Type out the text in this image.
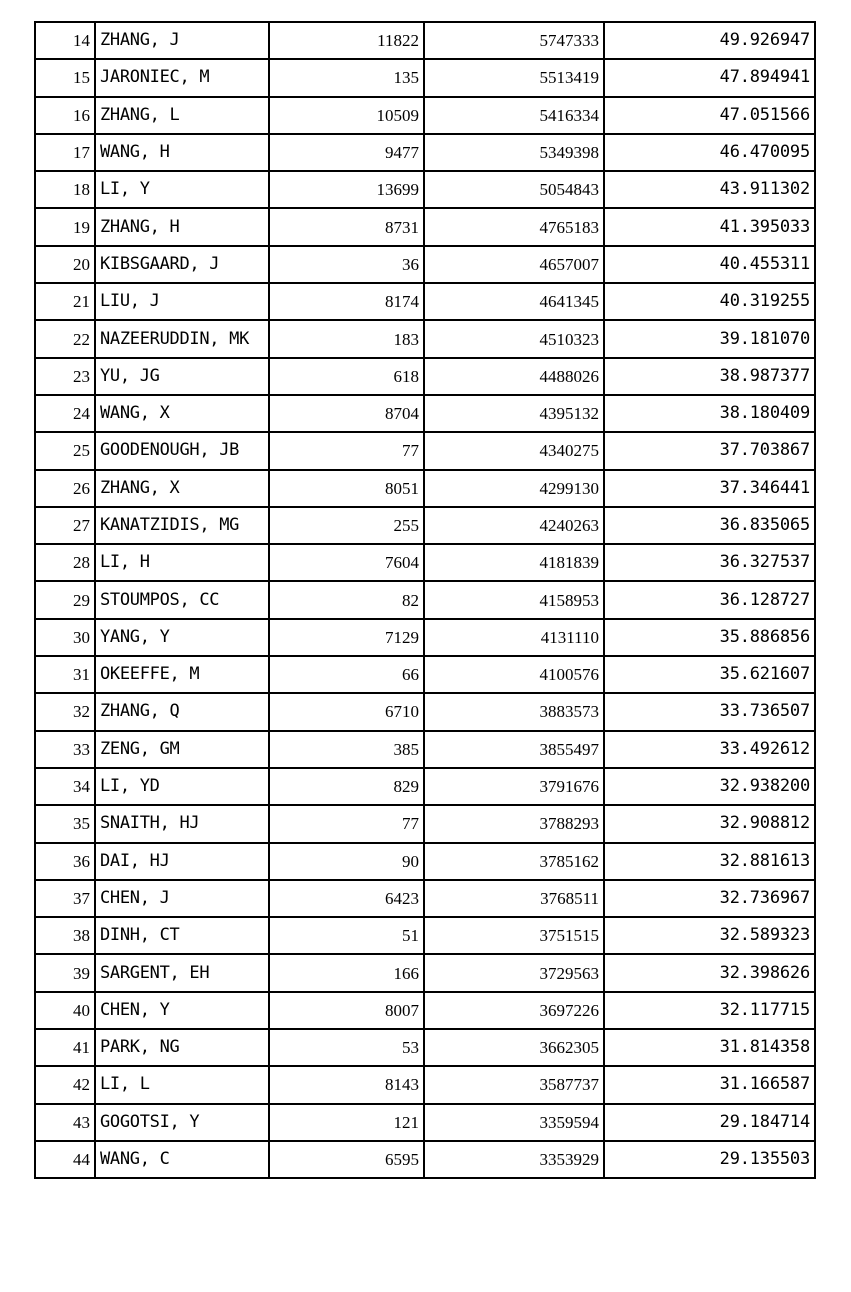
14	ZHANG, J	11822	5747333	49.926947
15	JARONIEC, M	135	5513419	47.894941
16	ZHANG, L	10509	5416334	47.051566
17	WANG, H	9477	5349398	46.470095
18	LI, Y	13699	5054843	43.911302
19	ZHANG, H	8731	4765183	41.395033
20	KIBSGAARD, J	36	4657007	40.455311
21	LIU, J	8174	4641345	40.319255
22	NAZEERUDDIN, MK	183	4510323	39.181070
23	YU, JG	618	4488026	38.987377
24	WANG, X	8704	4395132	38.180409
25	GOODENOUGH, JB	77	4340275	37.703867
26	ZHANG, X	8051	4299130	37.346441
27	KANATZIDIS, MG	255	4240263	36.835065
28	LI, H	7604	4181839	36.327537
29	STOUMPOS, CC	82	4158953	36.128727
30	YANG, Y	7129	4131110	35.886856
31	OKEEFFE, M	66	4100576	35.621607
32	ZHANG, Q	6710	3883573	33.736507
33	ZENG, GM	385	3855497	33.492612
34	LI, YD	829	3791676	32.938200
35	SNAITH, HJ	77	3788293	32.908812
36	DAI, HJ	90	3785162	32.881613
37	CHEN, J	6423	3768511	32.736967
38	DINH, CT	51	3751515	32.589323
39	SARGENT, EH	166	3729563	32.398626
40	CHEN, Y	8007	3697226	32.117715
41	PARK, NG	53	3662305	31.814358
42	LI, L	8143	3587737	31.166587
43	GOGOTSI, Y	121	3359594	29.184714
44	WANG, C	6595	3353929	29.135503
